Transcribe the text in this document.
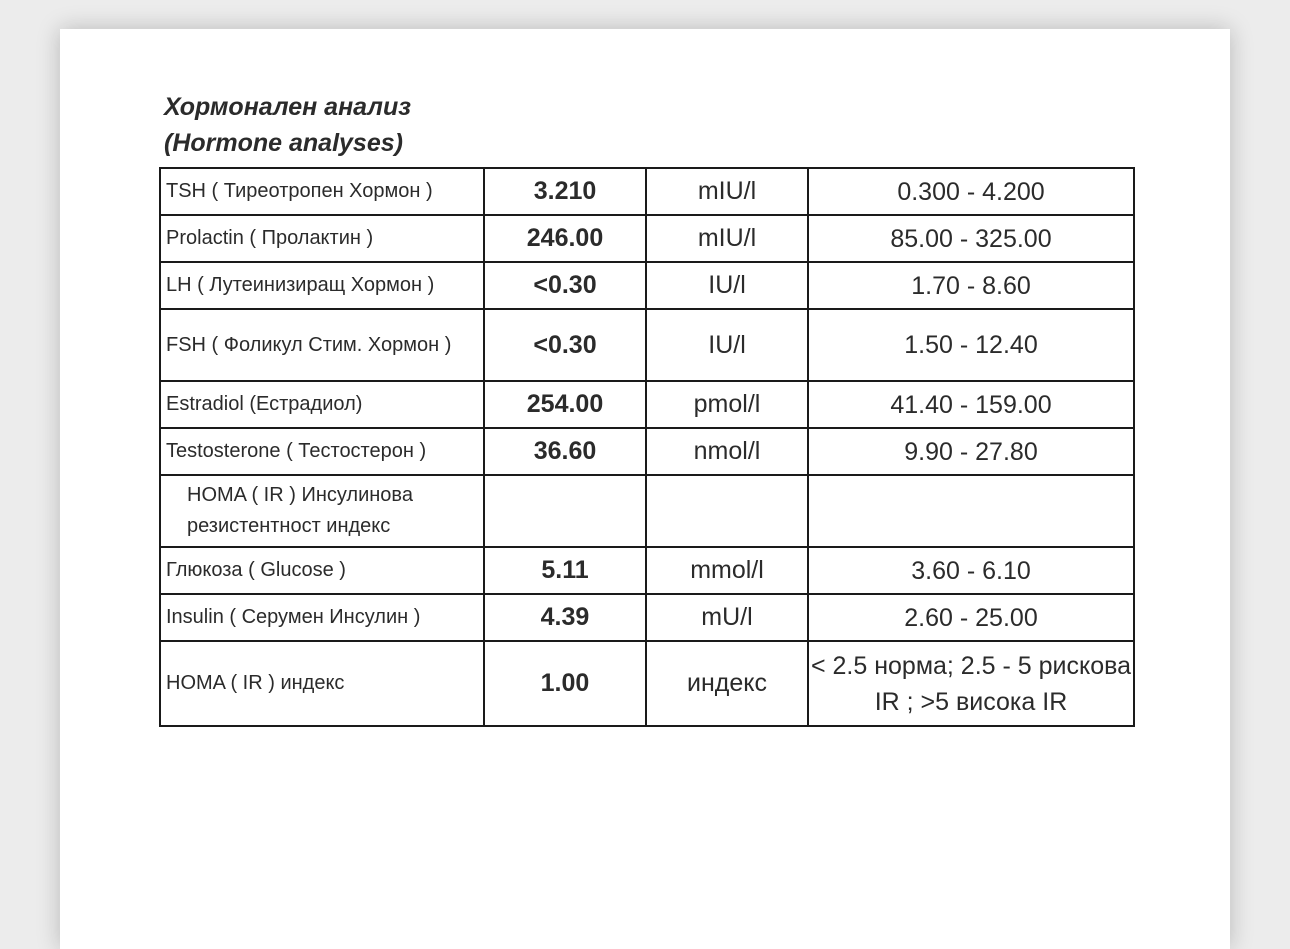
Хормонален анализ
(Hormone analyses)
TSH ( Тиреотропен Хормон )	3.210	mIU/l	0.300 - 4.200
Prolactin ( Пролактин )	246.00	mIU/l	85.00 - 325.00
LH ( Лутеинизиращ Хормон )	<0.30	IU/l	1.70 - 8.60
FSH ( Фоликул Стим. Хормон )	<0.30	IU/l	1.50 - 12.40
Estradiol (Естрадиол)	254.00	pmol/l	41.40 - 159.00
Testosterone ( Тестостерон )	36.60	nmol/l	9.90 - 27.80
HOMA ( IR ) Инсулинова резистентност индекс			
Глюкоза ( Glucose )	5.11	mmol/l	3.60 - 6.10
Insulin ( Серумен Инсулин )	4.39	mU/l	2.60 - 25.00
HOMA ( IR ) индекс	1.00	индекс	< 2.5 норма; 2.5 - 5 рискова IR ; >5 висока IR
